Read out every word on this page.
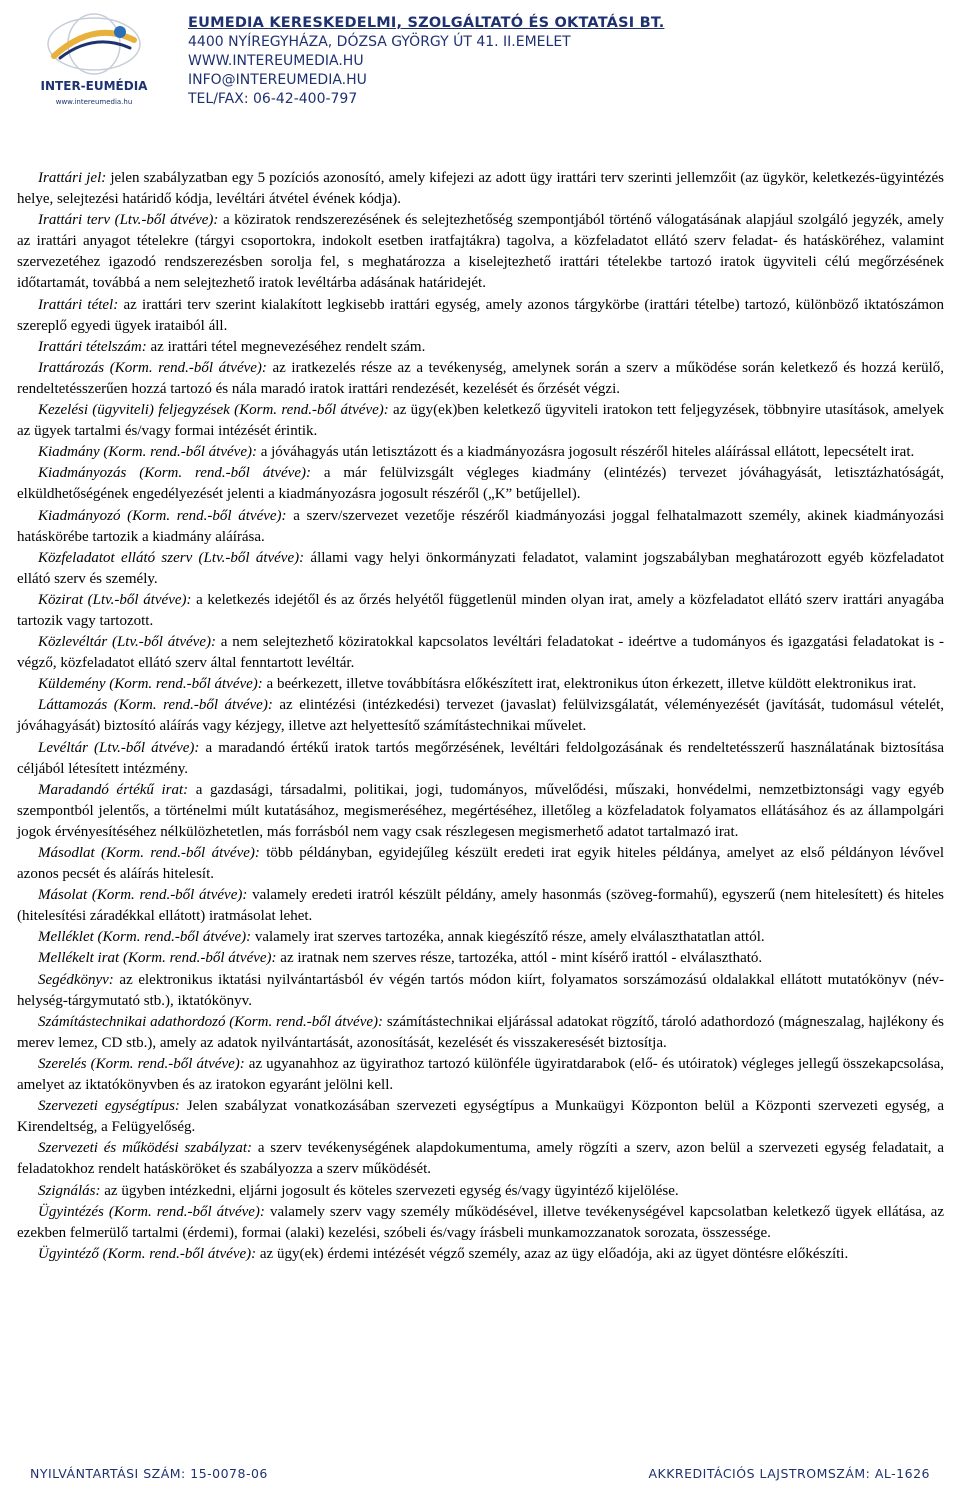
INTER-EUMÉDIA
www.intereumedia.hu
EUMEDIA KERESKEDELMI, SZOLGÁLTATÓ ÉS OKTATÁSI BT.
4400 NYÍREGYHÁZA, DÓZSA GYÖRGY ÚT 41. II.EMELET
WWW.INTEREUMEDIA.HU
INFO@INTEREUMEDIA.HU
TEL/FAX: 06-42-400-797

Irattári jel: jelen szabályzatban egy 5 pozíciós azonosító, amely kifejezi az adott ügy irattári terv szerinti jellemzőit (az ügykör, keletkezés-ügyintézés helye, selejtezési határidő kódja, levéltári átvétel évének kódja).

Irattári terv (Ltv.-ből átvéve): a köziratok rendszerezésének és selejtezhetőség szempontjából történő válogatásának alapjául szolgáló jegyzék, amely az irattári anyagot tételekre (tárgyi csoportokra, indokolt esetben iratfajtákra) tagolva, a közfeladatot ellátó szerv feladat- és hatásköréhez, valamint szervezetéhez igazodó rendszerezésben sorolja fel, s meghatározza a kiselejtezhető irattári tételekbe tartozó iratok ügyviteli célú megőrzésének időtartamát, továbbá a nem selejtezhető iratok levéltárba adásának határidejét.

Irattári tétel: az irattári terv szerint kialakított legkisebb irattári egység, amely azonos tárgykörbe (irattári tételbe) tartozó, különböző iktatószámon szereplő egyedi ügyek irataiból áll.

Irattári tételszám: az irattári tétel megnevezéséhez rendelt szám.

Irattározás (Korm. rend.-ből átvéve): az iratkezelés része az a tevékenység, amelynek során a szerv a működése során keletkező és hozzá kerülő, rendeltetésszerűen hozzá tartozó és nála maradó iratok irattári rendezését, kezelését és őrzését végzi.

Kezelési (ügyviteli) feljegyzések (Korm. rend.-ből átvéve): az ügy(ek)ben keletkező ügyviteli iratokon tett feljegyzések, többnyire utasítások, amelyek az ügyek tartalmi és/vagy formai intézését érintik.

Kiadmány (Korm. rend.-ből átvéve): a jóváhagyás után letisztázott és a kiadmányozásra jogosult részéről hiteles aláírással ellátott, lepecsételt irat.

Kiadmányozás (Korm. rend.-ből átvéve): a már felülvizsgált végleges kiadmány (elintézés) tervezet jóváhagyását, letisztázhatóságát, elküldhetőségének engedélyezését jelenti a kiadmányozásra jogosult részéről („K” betűjellel).

Kiadmányozó (Korm. rend.-ből átvéve): a szerv/szervezet vezetője részéről kiadmányozási joggal felhatalmazott személy, akinek kiadmányozási hatáskörébe tartozik a kiadmány aláírása.

Közfeladatot ellátó szerv (Ltv.-ből átvéve): állami vagy helyi önkormányzati feladatot, valamint jogszabályban meghatározott egyéb közfeladatot ellátó szerv és személy.

Közirat (Ltv.-ből átvéve): a keletkezés idejétől és az őrzés helyétől függetlenül minden olyan irat, amely a közfeladatot ellátó szerv irattári anyagába tartozik vagy tartozott.

Közlevéltár (Ltv.-ből átvéve): a nem selejtezhető köziratokkal kapcsolatos levéltári feladatokat - ideértve a tudományos és igazgatási feladatokat is - végző, közfeladatot ellátó szerv által fenntartott levéltár.

Küldemény (Korm. rend.-ből átvéve): a beérkezett, illetve továbbításra előkészített irat, elektronikus úton érkezett, illetve küldött elektronikus irat.

Láttamozás (Korm. rend.-ből átvéve): az elintézési (intézkedési) tervezet (javaslat) felülvizsgálatát, véleményezését (javítását, tudomásul vételét, jóváhagyását) biztosító aláírás vagy kézjegy, illetve azt helyettesítő számítástechnikai művelet.

Levéltár (Ltv.-ből átvéve): a maradandó értékű iratok tartós megőrzésének, levéltári feldolgozásának és rendeltetésszerű használatának biztosítása céljából létesített intézmény.

Maradandó értékű irat: a gazdasági, társadalmi, politikai, jogi, tudományos, művelődési, műszaki, honvédelmi, nemzetbiztonsági vagy egyéb szempontból jelentős, a történelmi múlt kutatásához, megismeréséhez, megértéséhez, illetőleg a közfeladatok folyamatos ellátásához és az állampolgári jogok érvényesítéséhez nélkülözhetetlen, más forrásból nem vagy csak részlegesen megismerhető adatot tartalmazó irat.

Másodlat (Korm. rend.-ből átvéve): több példányban, egyidejűleg készült eredeti irat egyik hiteles példánya, amelyet az első példányon lévővel azonos pecsét és aláírás hitelesít.

Másolat (Korm. rend.-ből átvéve): valamely eredeti iratról készült példány, amely hasonmás (szöveg-formahű), egyszerű (nem hitelesített) és hiteles (hitelesítési záradékkal ellátott) iratmásolat lehet.

Melléklet (Korm. rend.-ből átvéve): valamely irat szerves tartozéka, annak kiegészítő része, amely elválaszthatatlan attól.

Mellékelt irat (Korm. rend.-ből átvéve): az iratnak nem szerves része, tartozéka, attól - mint kísérő irattól - elválasztható.

Segédkönyv: az elektronikus iktatási nyilvántartásból év végén tartós módon kiírt, folyamatos sorszámozású oldalakkal ellátott mutatókönyv (név-helység-tárgymutató stb.), iktatókönyv.

Számítástechnikai adathordozó (Korm. rend.-ből átvéve): számítástechnikai eljárással adatokat rögzítő, tároló adathordozó (mágneszalag, hajlékony és merev lemez, CD stb.), amely az adatok nyilvántartását, azonosítását, kezelését és visszakeresését biztosítja.

Szerelés (Korm. rend.-ből átvéve): az ugyanahhoz az ügyirathoz tartozó különféle ügyiratdarabok (elő- és utóiratok) végleges jellegű összekapcsolása, amelyet az iktatókönyvben és az iratokon egyaránt jelölni kell.

Szervezeti egységtípus: Jelen szabályzat vonatkozásában szervezeti egységtípus a Munkaügyi Központon belül a Központi szervezeti egység, a Kirendeltség, a Felügyelőség.

Szervezeti és működési szabályzat: a szerv tevékenységének alapdokumentuma, amely rögzíti a szerv, azon belül a szervezeti egység feladatait, a feladatokhoz rendelt hatásköröket és szabályozza a szerv működését.

Szignálás: az ügyben intézkedni, eljárni jogosult és köteles szervezeti egység és/vagy ügyintéző kijelölése.

Ügyintézés (Korm. rend.-ből átvéve): valamely szerv vagy személy működésével, illetve tevékenységével kapcsolatban keletkező ügyek ellátása, az ezekben felmerülő tartalmi (érdemi), formai (alaki) kezelési, szóbeli és/vagy írásbeli munkamozzanatok sorozata, összessége.

Ügyintéző (Korm. rend.-ből átvéve): az ügy(ek) érdemi intézését végző személy, azaz az ügy előadója, aki az ügyet döntésre előkészíti.

NYILVÁNTARTÁSI SZÁM: 15-0078-06	AKKREDITÁCIÓS LAJSTROMSZÁM: AL-1626
